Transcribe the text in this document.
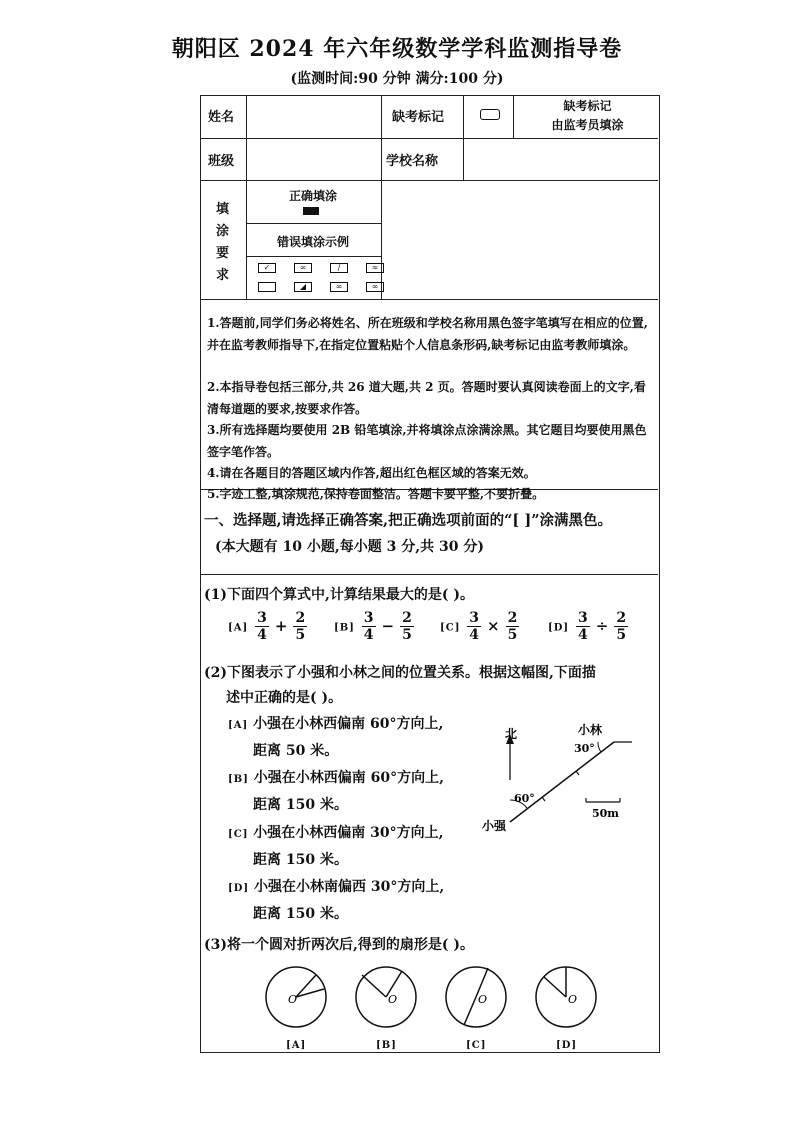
朝阳区 2024 年六年级数学学科监测指导卷
(监测时间:90 分钟 满分:100 分)
姓名	缺考标记
缺考标记
由监考员填涂
班级	学校名称
填
涂
要
求
正确填涂
错误填涂示例
✓	∞	/	≈
◢	∞	∞
1.答题前,同学们务必将姓名、所在班级和学校名称用黑色签字笔填写在相应的位置,并在监考教师指导下,在指定位置粘贴个人信息条形码,缺考标记由监考教师填涂。
2.本指导卷包括三部分,共 26 道大题,共 2 页。答题时要认真阅读卷面上的文字,看清每道题的要求,按要求作答。
3.所有选择题均要使用 2B 铅笔填涂,并将填涂点涂满涂黑。其它题目均要使用黑色签字笔作答。
4.请在各题目的答题区域内作答,超出红色框区域的答案无效。
5.字迹工整,填涂规范,保持卷面整洁。答题卡要平整,不要折叠。
一、选择题,请选择正确答案,把正确选项前面的“[ ]”涂满黑色。
(本大题有 10 小题,每小题 3 分,共 30 分)
(1)下面四个算式中,计算结果最大的是( )。
$[A] \frac{3}{4} + \frac{2}{5}$	$[B] \frac{3}{4} - \frac{2}{5}$	$[C] \frac{3}{4} \times \frac{2}{5}$	$[D] \frac{3}{4} \div \frac{2}{5}$
(2)下图表示了小强和小林之间的位置关系。根据这幅图,下面描
述中正确的是( )。
[A] 小强在小林西偏南 60°方向上,
距离 50 米。
[B] 小强在小林西偏南 60°方向上,
距离 150 米。
[C] 小强在小林西偏南 30°方向上,
距离 150 米。
[D] 小强在小林南偏西 30°方向上,
距离 150 米。
北	小林
30°
60°
小强
50m
(3)将一个圆对折两次后,得到的扇形是( )。
O	O	O	O
[A]	[B]	[C]	[D]
